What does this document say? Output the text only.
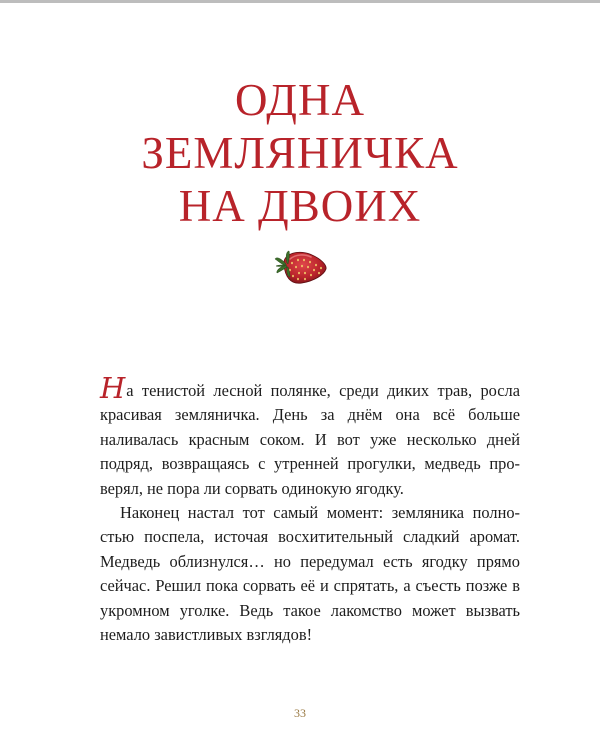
ОДНА
ЗЕМЛЯНИЧКА
НА ДВОИХ

На тенистой лесной полянке, среди диких трав, росла красивая земляничка. День за днём она всё больше наливалась красным соком. И вот уже несколько дней подряд, возвращаясь с утренней прогулки, медведь проверял, не пора ли сорвать одинокую ягодку.

Наконец настал тот самый момент: земляника полностью поспела, источая восхитительный сладкий аромат. Медведь облизнулся… но передумал есть ягодку прямо сейчас. Решил пока сорвать её и спрятать, а съесть позже в укромном уголке. Ведь такое лакомство может вызвать немало завистливых взглядов!

33
